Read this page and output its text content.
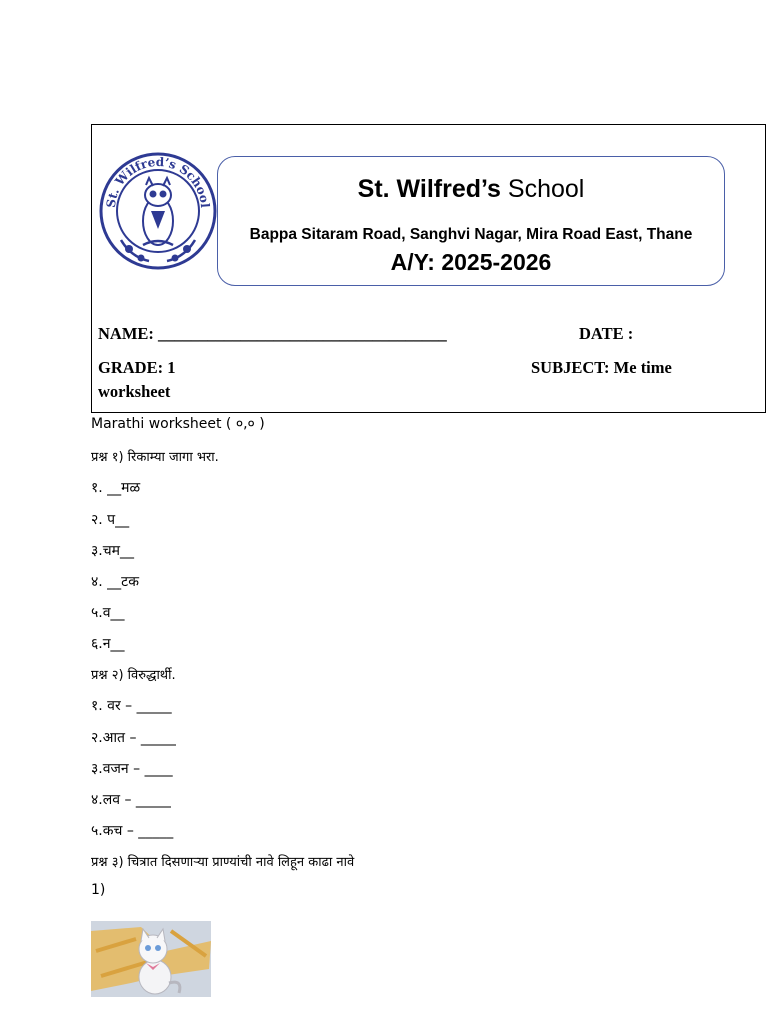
St. Wilfred’s School
St. Wilfred’s School
Bappa Sitaram Road, Sanghvi Nagar, Mira Road East, Thane
A/Y: 2025-2026
NAME: ___________________________________	DATE :
GRADE: 1	SUBJECT: Me time
worksheet
Marathi worksheet ( ०,० )
प्रश्न १) रिकाम्या जागा भरा.
१. __मळ
२. प__
३.चम__
४. __टक
५.व__
६.न__
प्रश्न २) विरुद्धार्थी.
१. वर – _____
२.आत – _____
३.वजन – ____
४.लव – _____
५.कच – _____
प्रश्न ३) चित्रात दिसणाऱ्या प्राण्यांची नावे लिहून काढा नावे
1)
